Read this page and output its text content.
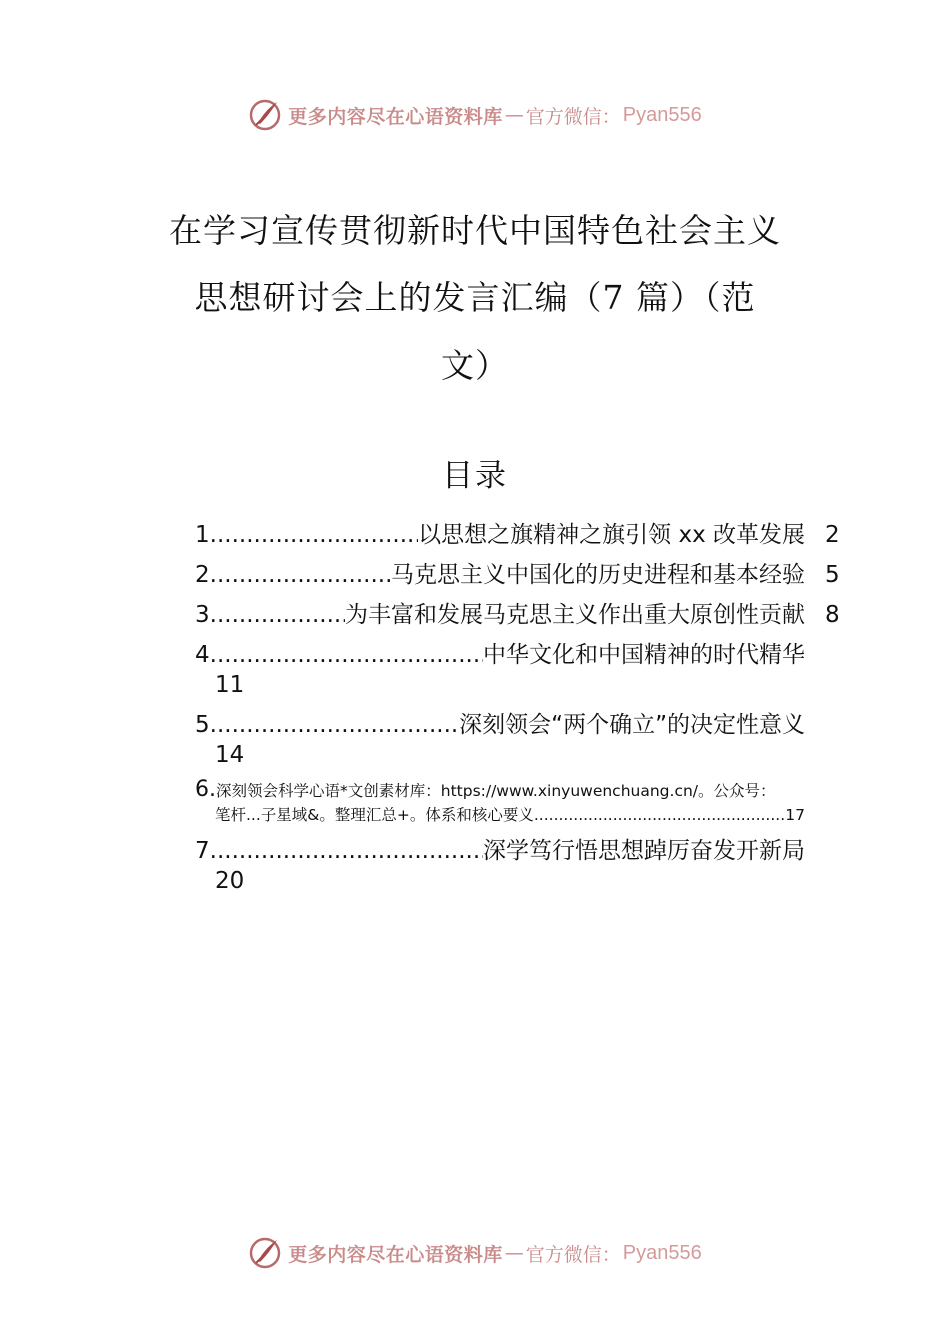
更多内容尽在心语资料库 — 官方微信： Pyan556
在学习宣传贯彻新时代中国特色社会主义
思想研讨会上的发言汇编（7 篇）（范
文）
目录
1 .....	以思想之旗精神之旗引领 xx 改革发展 2
2 .....	马克思主义中国化的历史进程和基本经验 5
3 .....	为丰富和发展马克思主义作出重大原创性贡献 8
4 .....	中华文化和中国精神的时代精华
11
5 .....	深刻领会“两个确立”的决定性意义
14
6. 深刻领会科学心语*文创素材库：https://www.xinyuwenchuang.cn/。公众号：
笔杆...子星域&。整理汇总+。体系和核心要义 .....	17
7 .....	深学笃行悟思想踔厉奋发开新局
20
更多内容尽在心语资料库 — 官方微信： Pyan556
